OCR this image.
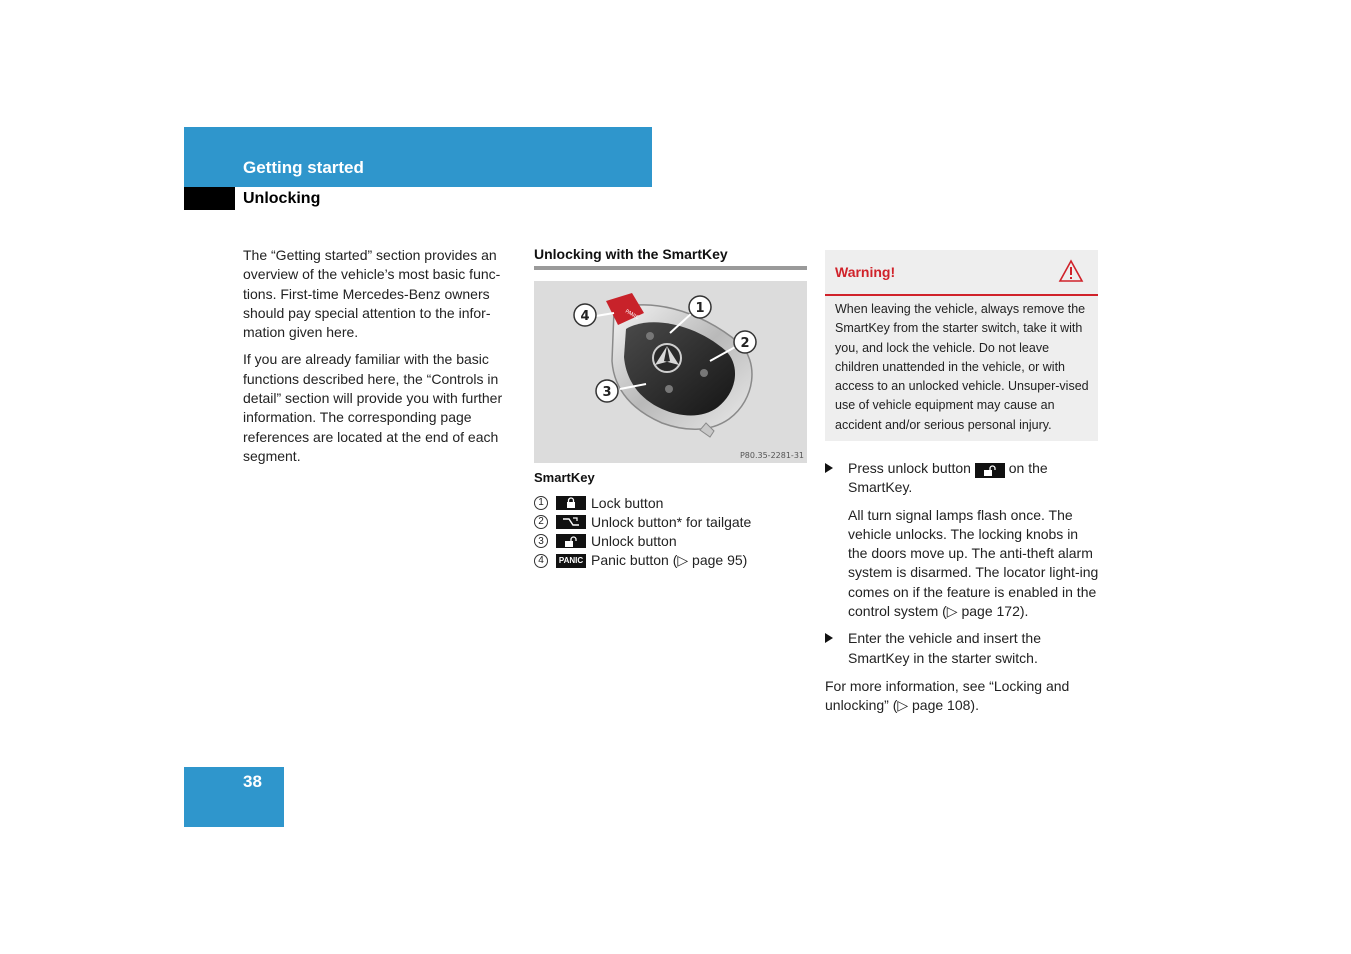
Getting started
Unlocking

The “Getting started” section provides an overview of the vehicle’s most basic func-tions. First-time Mercedes-Benz owners should pay special attention to the infor-mation given here.

If you are already familiar with the basic functions described here, the “Controls in detail” section will provide you with further information. The corresponding page references are located at the end of each segment.

Unlocking with the SmartKey
PANIC
4
1
2
3
P80.35-2281-31
SmartKey
1	Lock button
2	Unlock button* for tailgate
3	Unlock button
4	PANIC Panic button (▷ page 95)
Warning!
When leaving the vehicle, always remove the SmartKey from the starter switch, take it with you, and lock the vehicle. Do not leave children unattended in the vehicle, or with access to an unlocked vehicle. Unsuper-vised use of vehicle equipment may cause an accident and/or serious personal injury.

Press unlock button	on the SmartKey.

All turn signal lamps flash once. The vehicle unlocks. The locking knobs in the doors move up. The anti-theft alarm system is disarmed. The locator light-ing comes on if the feature is enabled in the control system (▷ page 172).

Enter the vehicle and insert the SmartKey in the starter switch.

For more information, see “Locking and unlocking” (▷ page 108).

38
